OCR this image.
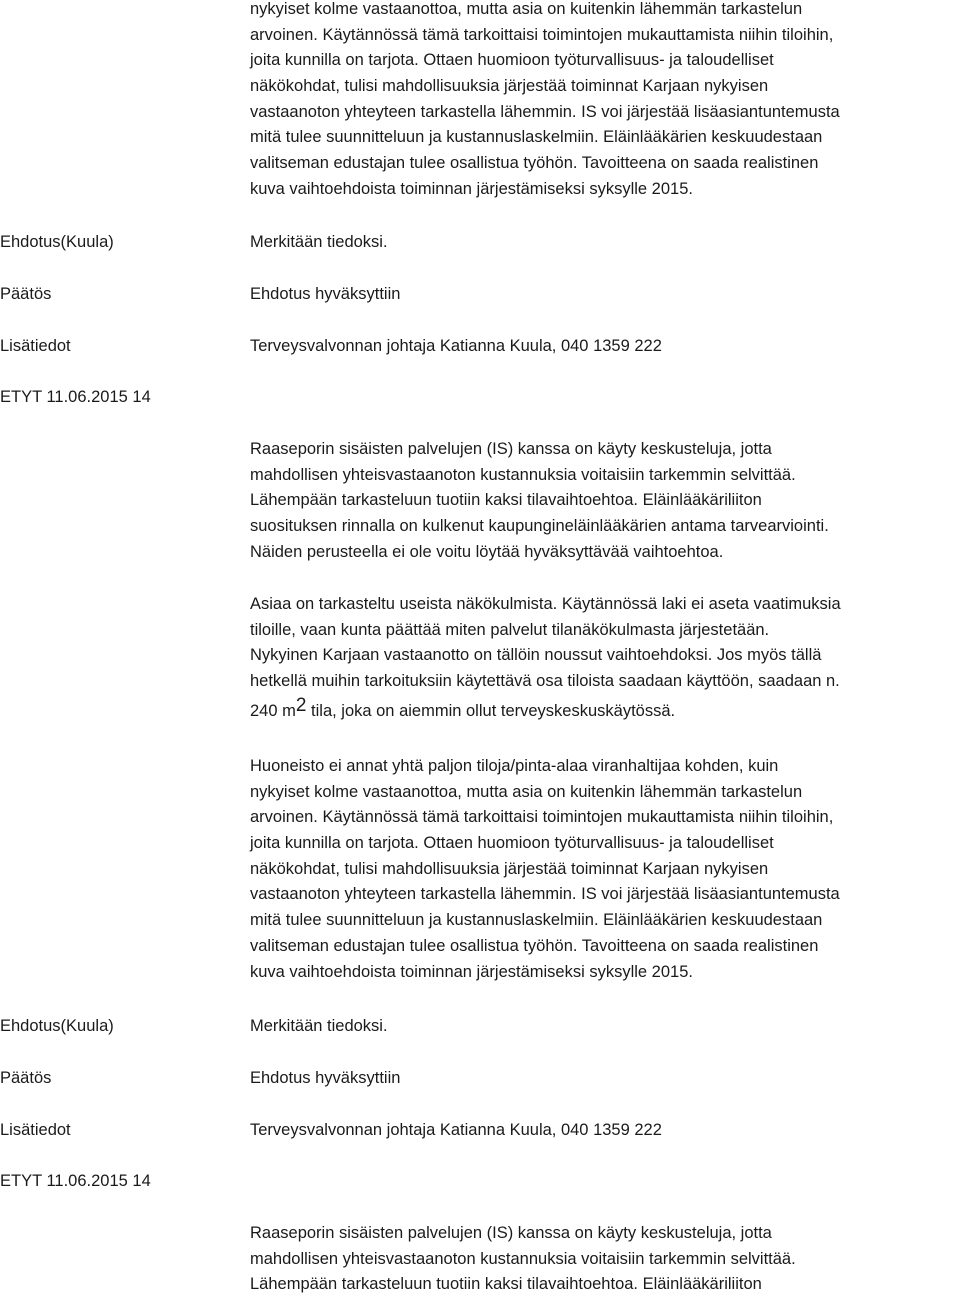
nykyiset kolme vastaanottoa, mutta asia on kuitenkin lähemmän tarkastelun
arvoinen. Käytännössä tämä tarkoittaisi toimintojen mukauttamista niihin tiloihin,
joita kunnilla on tarjota. Ottaen huomioon työturvallisuus- ja taloudelliset
näkökohdat, tulisi mahdollisuuksia järjestää toiminnat Karjaan nykyisen
vastaanoton yhteyteen tarkastella lähemmin. IS voi järjestää lisäasiantuntemusta
mitä tulee suunnitteluun ja kustannuslaskelmiin. Eläinlääkärien keskuudestaan
valitseman edustajan tulee osallistua työhön. Tavoitteena on saada realistinen
kuva vaihtoehdoista toiminnan järjestämiseksi syksylle 2015.
Ehdotus(Kuula)	Merkitään tiedoksi.
Päätös	Ehdotus hyväksyttiin
Lisätiedot	Terveysvalvonnan johtaja Katianna Kuula, 040 1359 222
ETYT 11.06.2015 14
Raaseporin sisäisten palvelujen (IS) kanssa on käyty keskusteluja, jotta
mahdollisen yhteisvastaanoton kustannuksia voitaisiin tarkemmin selvittää.
Lähempään tarkasteluun tuotiin kaksi tilavaihtoehtoa. Eläinlääkäriliiton
suosituksen rinnalla on kulkenut kaupungineläinlääkärien antama tarvearviointi.
Näiden perusteella ei ole voitu löytää hyväksyttävää vaihtoehtoa.
Asiaa on tarkasteltu useista näkökulmista. Käytännössä laki ei aseta vaatimuksia
tiloille, vaan kunta päättää miten palvelut tilanäkökulmasta järjestetään.
Nykyinen Karjaan vastaanotto on tällöin noussut vaihtoehdoksi. Jos myös tällä
hetkellä muihin tarkoituksiin käytettävä osa tiloista saadaan käyttöön, saadaan n.
240 $m^2$ tila, joka on aiemmin ollut terveyskeskuskäytössä.
Huoneisto ei annat yhtä paljon tiloja/pinta-alaa viranhaltijaa kohden, kuin
nykyiset kolme vastaanottoa, mutta asia on kuitenkin lähemmän tarkastelun
arvoinen. Käytännössä tämä tarkoittaisi toimintojen mukauttamista niihin tiloihin,
joita kunnilla on tarjota. Ottaen huomioon työturvallisuus- ja taloudelliset
näkökohdat, tulisi mahdollisuuksia järjestää toiminnat Karjaan nykyisen
vastaanoton yhteyteen tarkastella lähemmin. IS voi järjestää lisäasiantuntemusta
mitä tulee suunnitteluun ja kustannuslaskelmiin. Eläinlääkärien keskuudestaan
valitseman edustajan tulee osallistua työhön. Tavoitteena on saada realistinen
kuva vaihtoehdoista toiminnan järjestämiseksi syksylle 2015.
Ehdotus(Kuula)	Merkitään tiedoksi.
Päätös	Ehdotus hyväksyttiin
Lisätiedot	Terveysvalvonnan johtaja Katianna Kuula, 040 1359 222
ETYT 11.06.2015 14
Raaseporin sisäisten palvelujen (IS) kanssa on käyty keskusteluja, jotta
mahdollisen yhteisvastaanoton kustannuksia voitaisiin tarkemmin selvittää.
Lähempään tarkasteluun tuotiin kaksi tilavaihtoehtoa. Eläinlääkäriliiton
